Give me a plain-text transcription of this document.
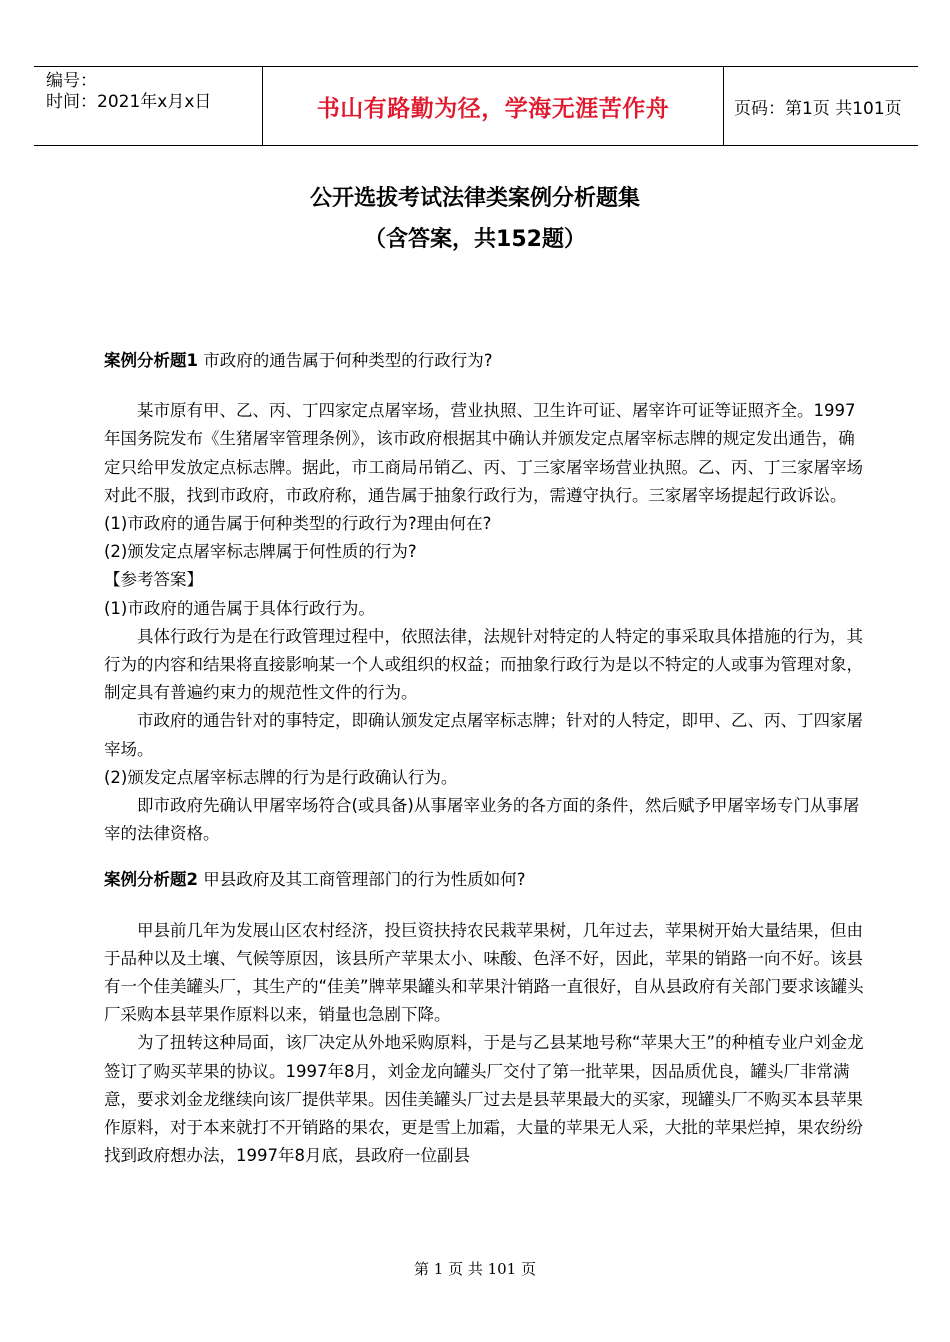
编号：
时间：2021年x月x日	书山有路勤为径，学海无涯苦作舟	页码：第1页 共101页
公开选拔考试法律类案例分析题集
（含答案，共152题）

案例分析题1 市政府的通告属于何种类型的行政行为?

某市原有甲、乙、丙、丁四家定点屠宰场，营业执照、卫生许可证、屠宰许可证等证照齐全。1997年国务院发布《生猪屠宰管理条例》，该市政府根据其中确认并颁发定点屠宰标志牌的规定发出通告，确定只给甲发放定点标志牌。据此，市工商局吊销乙、丙、丁三家屠宰场营业执照。乙、丙、丁三家屠宰场对此不服，找到市政府，市政府称，通告属于抽象行政行为，需遵守执行。三家屠宰场提起行政诉讼。

(1)市政府的通告属于何种类型的行政行为?理由何在?

(2)颁发定点屠宰标志牌属于何性质的行为?

【参考答案】

(1)市政府的通告属于具体行政行为。

具体行政行为是在行政管理过程中，依照法律，法规针对特定的人特定的事采取具体措施的行为，其行为的内容和结果将直接影响某一个人或组织的权益；而抽象行政行为是以不特定的人或事为管理对象，制定具有普遍约束力的规范性文件的行为。

市政府的通告针对的事特定，即确认颁发定点屠宰标志牌；针对的人特定，即甲、乙、丙、丁四家屠宰场。

(2)颁发定点屠宰标志牌的行为是行政确认行为。

即市政府先确认甲屠宰场符合(或具备)从事屠宰业务的各方面的条件，然后赋予甲屠宰场专门从事屠宰的法律资格。

案例分析题2 甲县政府及其工商管理部门的行为性质如何?

甲县前几年为发展山区农村经济，投巨资扶持农民栽苹果树，几年过去，苹果树开始大量结果，但由于品种以及土壤、气候等原因，该县所产苹果太小、味酸、色泽不好，因此，苹果的销路一向不好。该县有一个佳美罐头厂，其生产的“佳美”牌苹果罐头和苹果汁销路一直很好，自从县政府有关部门要求该罐头厂采购本县苹果作原料以来，销量也急剧下降。

为了扭转这种局面，该厂决定从外地采购原料，于是与乙县某地号称“苹果大王”的种植专业户刘金龙签订了购买苹果的协议。1997年8月，刘金龙向罐头厂交付了第一批苹果，因品质优良，罐头厂非常满意，要求刘金龙继续向该厂提供苹果。因佳美罐头厂过去是县苹果最大的买家，现罐头厂不购买本县苹果作原料，对于本来就打不开销路的果农，更是雪上加霜，大量的苹果无人采，大批的苹果烂掉，果农纷纷找到政府想办法，1997年8月底，县政府一位副县

第 1 页 共 101 页
